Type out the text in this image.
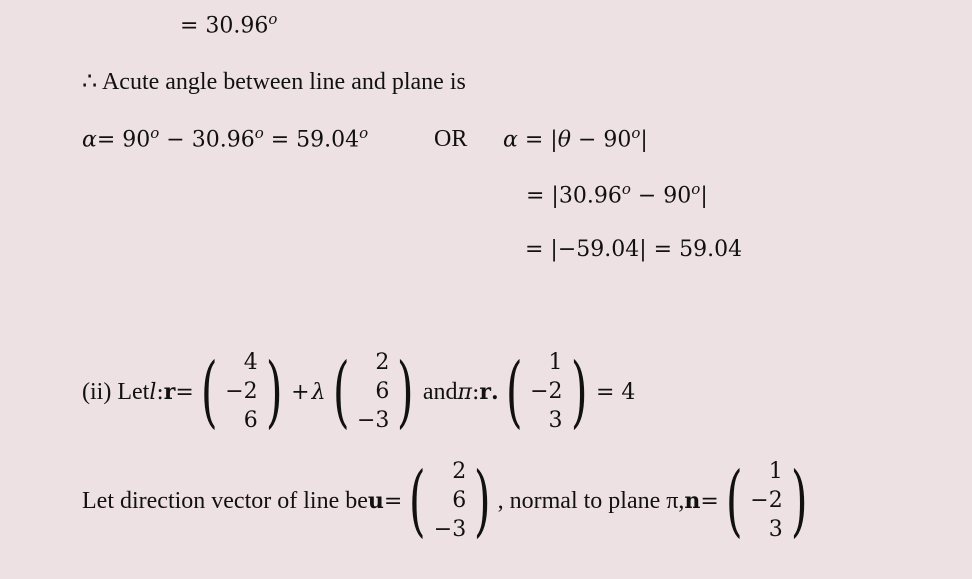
= $30.96^o$
∴ Acute angle between line and plane is
$\alpha= 90^o - 30.96^o = 59.04^o$	OR $\alpha = |\theta - 90^o|$
= $|30.96^o - 90^o|$
= |−59.04| = 59.04
(ii) Let l : r = (	4
−2
6 ) + λ (	2
6
−3 ) and π : r . (	1
−2
3 ) = 4
Let direction vector of line be u = (	2
6
−3 ) , normal to plane π, n = (	1
−2
3 )
